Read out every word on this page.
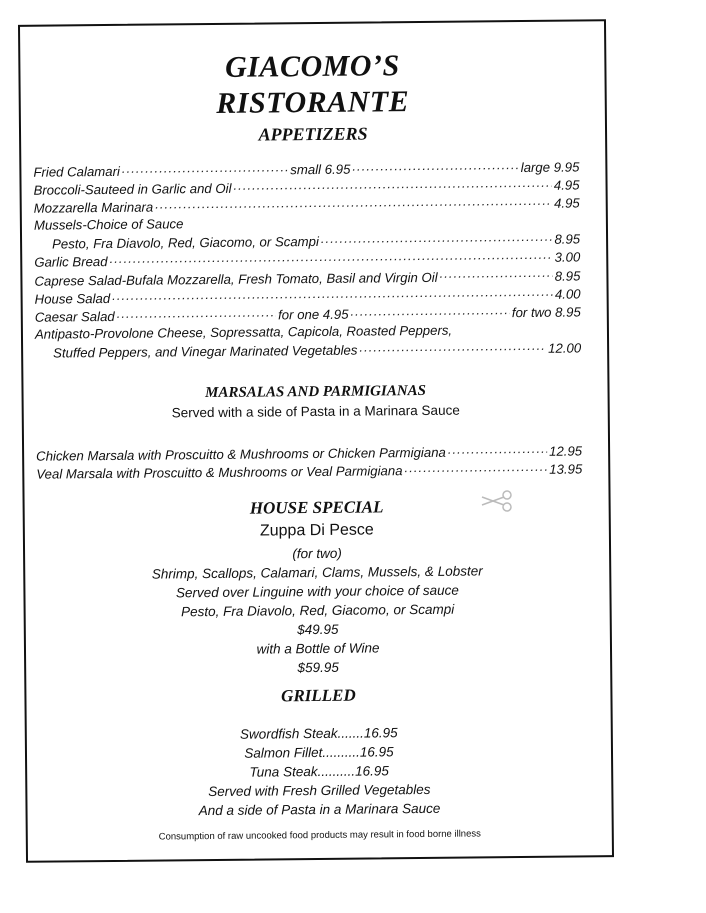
GIACOMO’S
RISTORANTE
APPETIZERS
Fried Calamari .....	small 6.95 .....	large 9.95
Broccoli-Sauteed in Garlic and Oil .....	4.95
Mozzarella Marinara .....	4.95
Mussels-Choice of Sauce
Pesto, Fra Diavolo, Red, Giacomo, or Scampi .....	8.95
Garlic Bread .....	3.00
Caprese Salad-Bufala Mozzarella, Fresh Tomato, Basil and Virgin Oil .....	8.95
House Salad .....	4.00
Caesar Salad .....	for one 4.95 .....	for two 8.95
Antipasto-Provolone Cheese, Sopressatta, Capicola, Roasted Peppers,
Stuffed Peppers, and Vinegar Marinated Vegetables .....	12.00
MARSALAS AND PARMIGIANAS
Served with a side of Pasta in a Marinara Sauce
Chicken Marsala with Proscuitto & Mushrooms or Chicken Parmigiana .....	12.95
Veal Marsala with Proscuitto & Mushrooms or Veal Parmigiana .....	13.95
HOUSE SPECIAL
Zuppa Di Pesce
(for two)
Shrimp, Scallops, Calamari, Clams, Mussels, & Lobster
Served over Linguine with your choice of sauce
Pesto, Fra Diavolo, Red, Giacomo, or Scampi
$49.95
with a Bottle of Wine
$59.95
GRILLED
Swordfish Steak.......16.95
Salmon Fillet..........16.95
Tuna Steak..........16.95
Served with Fresh Grilled Vegetables
And a side of Pasta in a Marinara Sauce
Consumption of raw uncooked food products may result in food borne illness
